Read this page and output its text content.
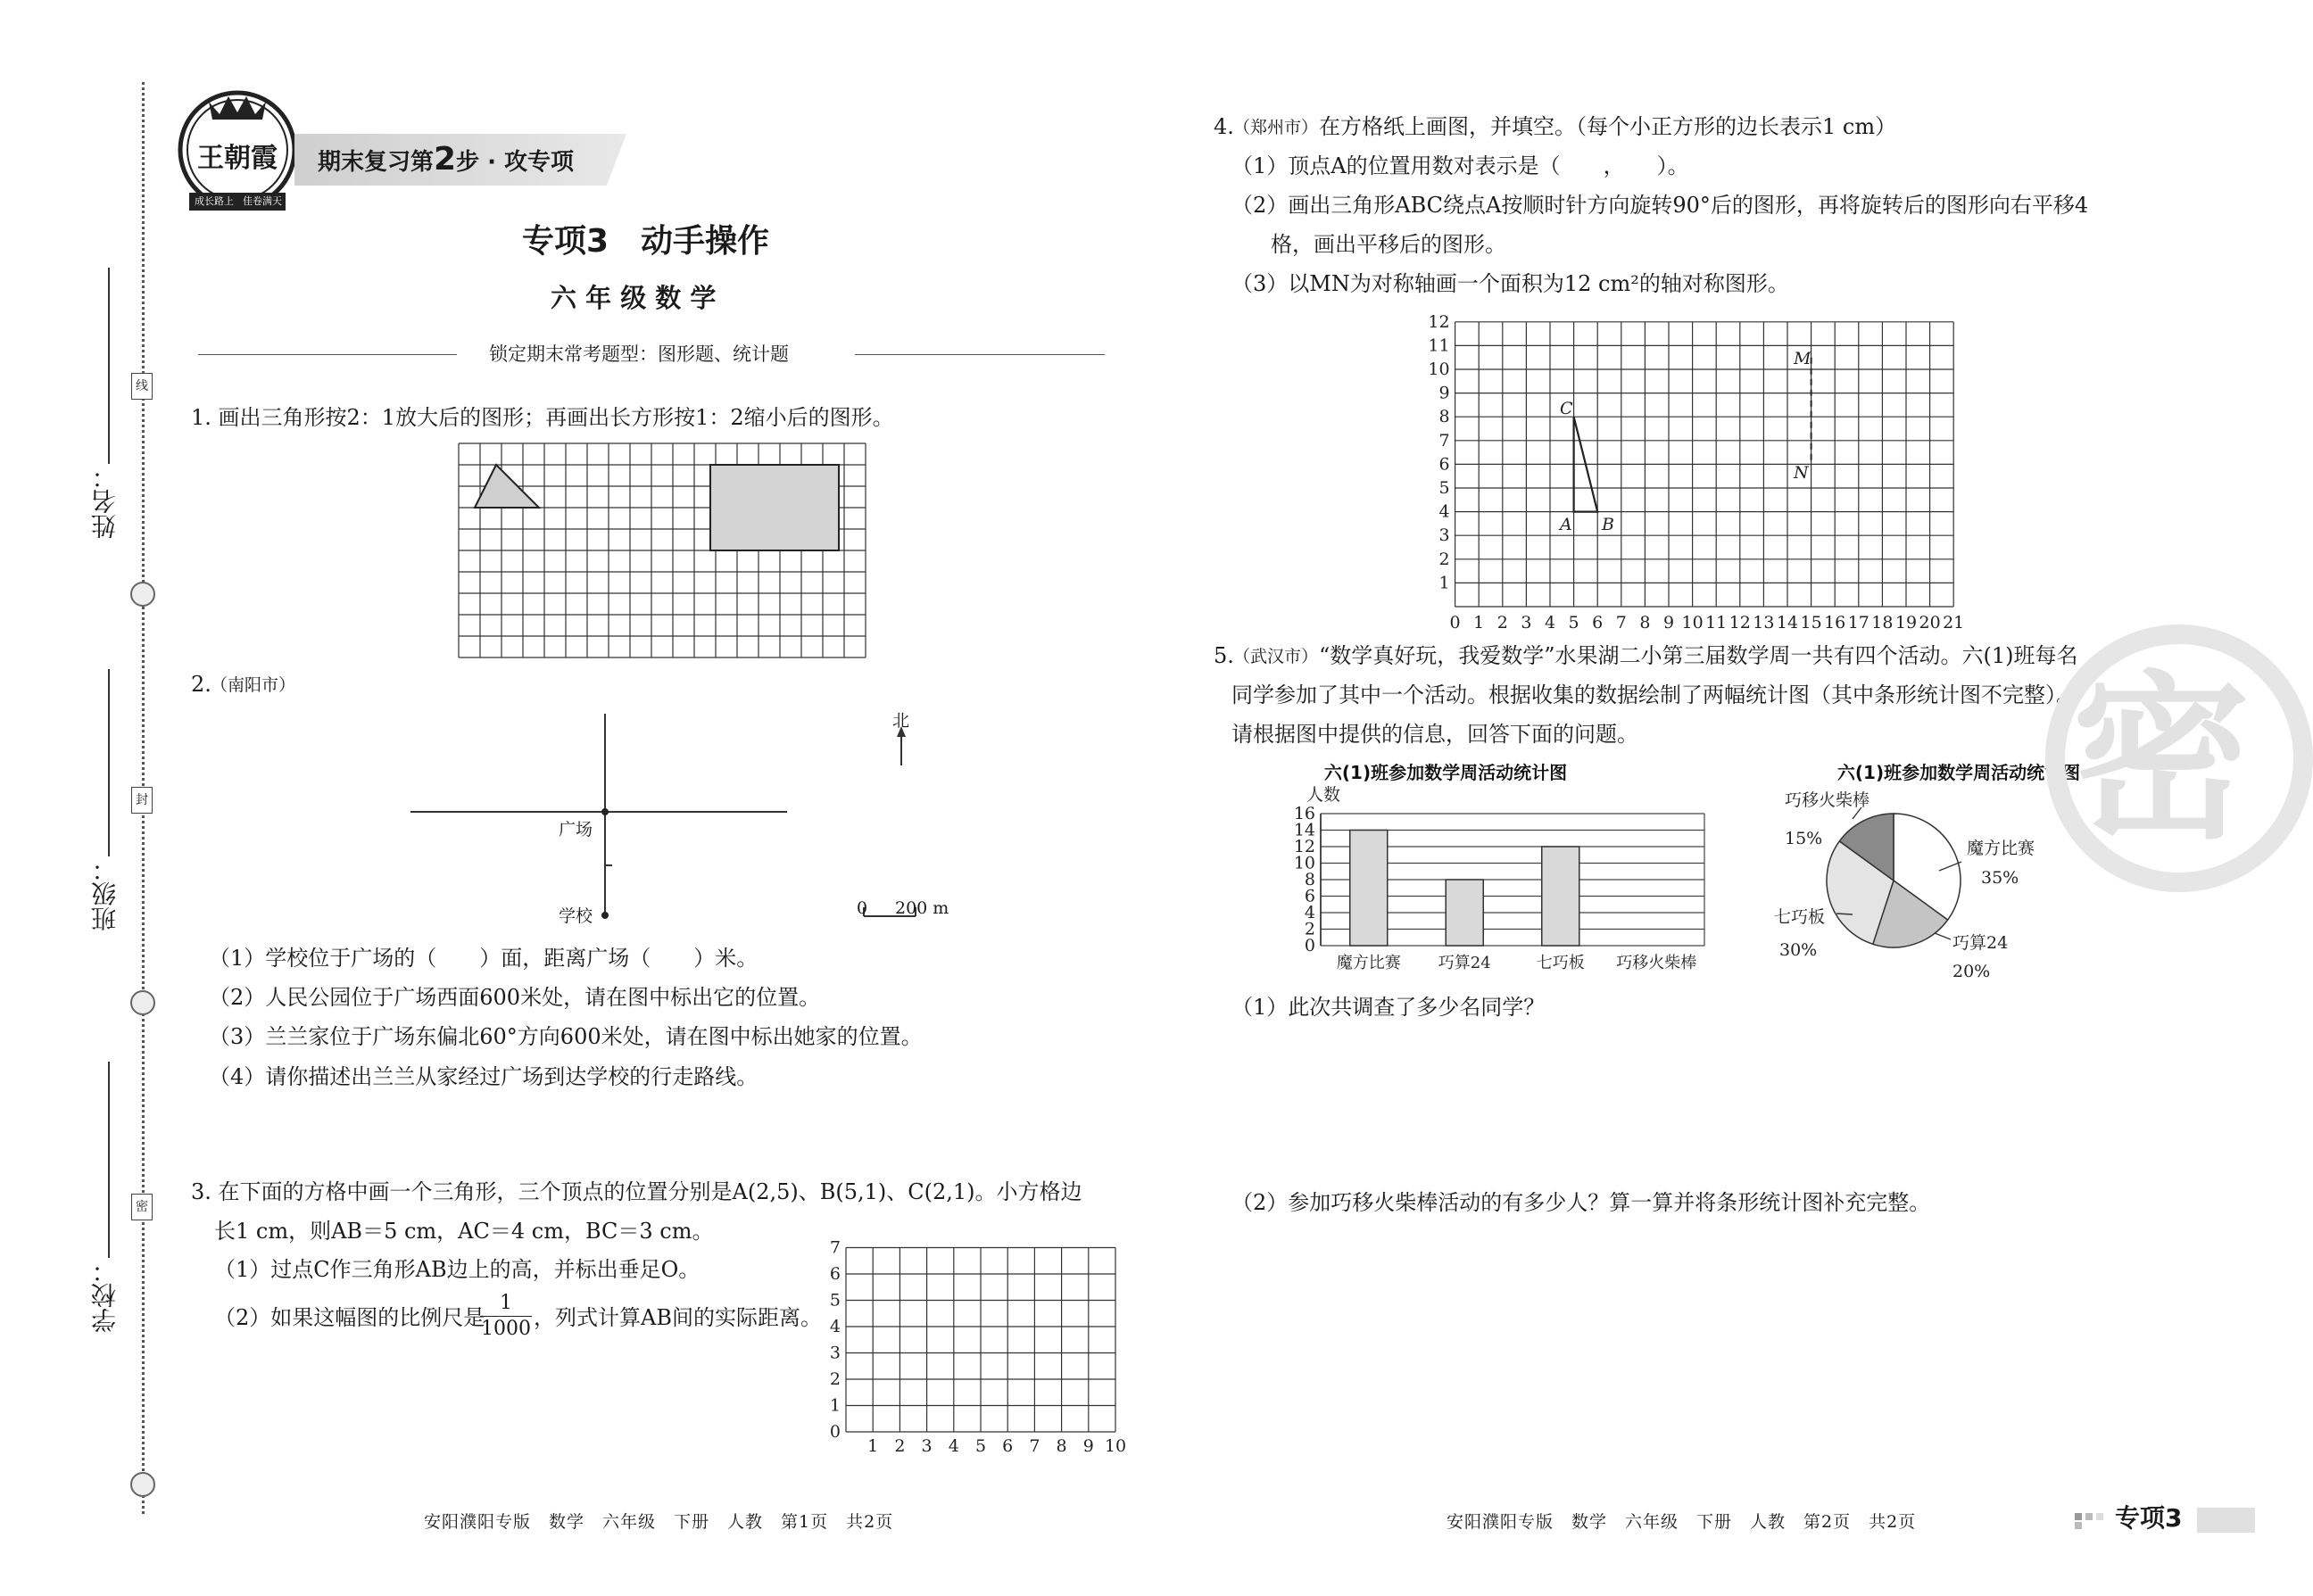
线
封
密
姓名：
班级：
学校：
王朝霞
成长路上 佳卷满天
期末复习第2步 · 攻专项
专项3　动手操作
六 年 级 数 学
锁定期末常考题型：图形题、统计题
1. 画出三角形按2：1放大后的图形；再画出长方形按1：2缩小后的图形。
2. （南阳市）
北
广场
学校	0 200 m
（1）学校位于广场的（　　）面，距离广场（　　）米。
（2）人民公园位于广场西面600米处，请在图中标出它的位置。
（3）兰兰家位于广场东偏北60°方向600米处，请在图中标出她家的位置。
（4）请你描述出兰兰从家经过广场到达学校的行走路线。
3. 在下面的方格中画一个三角形，三个顶点的位置分别是A(2,5)、B(5,1)、C(2,1)。小方格边
长1 cm，则AB＝5 cm，AC＝4 cm，BC＝3 cm。
（1）过点C作三角形AB边上的高，并标出垂足O。
（2）如果这幅图的比例尺是
$\frac{1}{1000}$ ，列式计算AB间的实际距离。
0
1
2
3
4
5
6
7
1 2 3 4 5 6 7 8 9 10
4. （郑州市） 在方格纸上画图，并填空。（每个小正方形的边长表示1 cm）
（1）顶点A的位置用数对表示是（　　，　　）。
（2）画出三角形ABC绕点A按顺时针方向旋转90°后的图形，再将旋转后的图形向右平移4
格，画出平移后的图形。
（3）以MN为对称轴画一个面积为12 cm²的轴对称图形。
1
2
3
4
5
6
7
8
9
10
11
12
0 1 2 3 4 5 6 7 8 9 10 11 12 13 14 15 16 17 18 19 20 21
A B
C
M
N
5. （武汉市） “数学真好玩，我爱数学”水果湖二小第三届数学周一共有四个活动。六(1)班每名
同学参加了其中一个活动。根据收集的数据绘制了两幅统计图（其中条形统计图不完整）。
请根据图中提供的信息，回答下面的问题。
六(1)班参加数学周活动统计图
人数
0
2
4
6
8
10
12
14
16
魔方比赛 巧算24	七巧板 巧移火柴棒
六(1)班参加数学周活动统计图
巧移火柴棒
15%	魔方比赛
35%
七巧板
30%	巧算24
20%
（1）此次共调查了多少名同学？
（2）参加巧移火柴棒活动的有多少人？算一算并将条形统计图补充完整。
密
安阳濮阳专版　数学　六年级　下册　人教　第1页　共2页	安阳濮阳专版　数学　六年级　下册　人教　第2页　共2页	专项3
